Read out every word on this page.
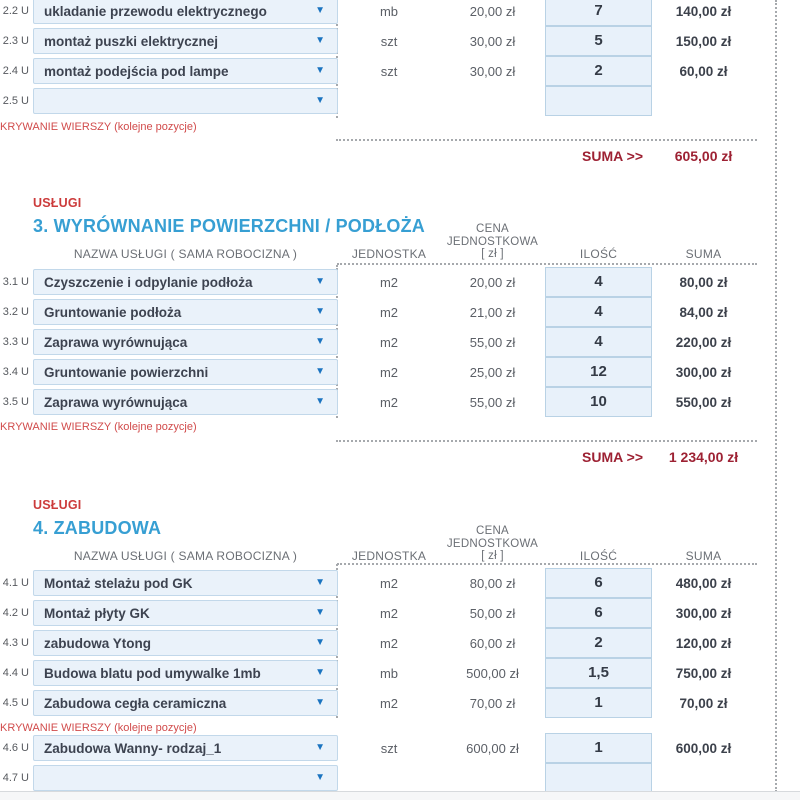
2.2 U ukladanie przewodu elektrycznego	▼	mb	20,00 zł	7	140,00 zł
2.3 U montaż puszki elektrycznej	▼	szt	30,00 zł	5	150,00 zł
2.4 U montaż podejścia pod lampe	▼	szt	30,00 zł	2	60,00 zł
2.5 U	▼
KRYWANIE WIERSZY (kolejne pozycje)
SUMA >>	605,00 zł
USŁUGI
3. WYRÓWNANIE POWIERZCHNI / PODŁOŻA
NAZWA USŁUGI ( SAMA ROBOCIZNA )	JEDNOSTKA
CENA
JEDNOSTKOWA
[ zł ]	ILOŚĆ	SUMA
3.1 U Czyszczenie i odpylanie podłoża	▼	m2	20,00 zł	4	80,00 zł
3.2 U Gruntowanie podłoża	▼	m2	21,00 zł	4	84,00 zł
3.3 U Zaprawa wyrównująca	▼	m2	55,00 zł	4	220,00 zł
3.4 U Gruntowanie powierzchni	▼	m2	25,00 zł	12	300,00 zł
3.5 U Zaprawa wyrównująca	▼	m2	55,00 zł	10	550,00 zł
KRYWANIE WIERSZY (kolejne pozycje)
SUMA >>	1 234,00 zł
USŁUGI
4. ZABUDOWA
NAZWA USŁUGI ( SAMA ROBOCIZNA )	JEDNOSTKA
CENA
JEDNOSTKOWA
[ zł ]	ILOŚĆ	SUMA
4.1 U Montaż stelażu pod GK	▼	m2	80,00 zł	6	480,00 zł
4.2 U Montaż płyty GK	▼	m2	50,00 zł	6	300,00 zł
4.3 U zabudowa Ytong	▼	m2	60,00 zł	2	120,00 zł
4.4 U Budowa blatu pod umywalke 1mb	▼	mb	500,00 zł	1,5	750,00 zł
4.5 U Zabudowa cegła ceramiczna	▼	m2	70,00 zł	1	70,00 zł
KRYWANIE WIERSZY (kolejne pozycje)
4.6 U Zabudowa Wanny- rodzaj_1	▼	szt	600,00 zł	1	600,00 zł
4.7 U	▼
